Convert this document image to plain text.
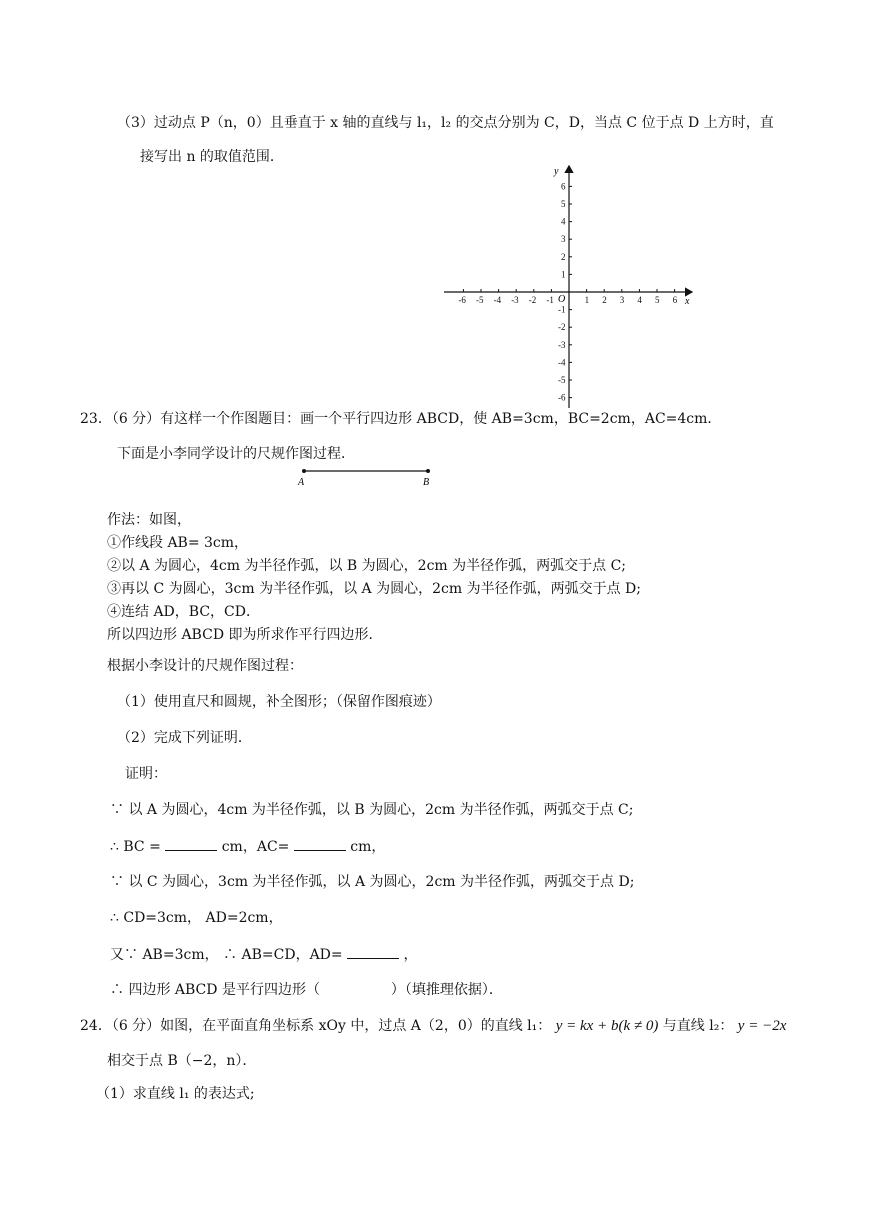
（3）过动点 P（n，0）且垂直于 x 轴的直线与 l₁，l₂ 的交点分别为 C，D，当点 C 位于点 D 上方时，直
接写出 n 的取值范围．
-6 -5 -4 -3 -2 -1	1 2 3 4 5 6
6
5
4
3
2
1
-1
-2
-3
-4
-5
-6
x
y
O
23．（6 分）有这样一个作图题目：画一个平行四边形 ABCD，使 AB=3cm，BC=2cm，AC=4cm．
下面是小李同学设计的尺规作图过程．
A	B
作法：如图，
①作线段 AB= 3cm，
②以 A 为圆心，4cm 为半径作弧，以 B 为圆心，2cm 为半径作弧，两弧交于点 C;
③再以 C 为圆心，3cm 为半径作弧，以 A 为圆心，2cm 为半径作弧，两弧交于点 D;
④连结 AD，BC，CD．
所以四边形 ABCD 即为所求作平行四边形．
根据小李设计的尺规作图过程：
（1）使用直尺和圆规，补全图形；（保留作图痕迹）
（2）完成下列证明．
证明：
∵ 以 A 为圆心，4cm 为半径作弧，以 B 为圆心，2cm 为半径作弧，两弧交于点 C;
∴ BC =	cm，AC=	cm，
∵ 以 C 为圆心，3cm 为半径作弧，以 A 为圆心，2cm 为半径作弧，两弧交于点 D;
∴ CD=3cm， AD=2cm，
又∵ AB=3cm， ∴ AB=CD，AD=	，
∴ 四边形 ABCD 是平行四边形（	）（填推理依据）．
24．（6 分）如图，在平面直角坐标系 xOy 中，过点 A（2，0）的直线 l₁： y = kx + b(k ≠ 0) 与直线 l₂： y = −2x
相交于点 B（−2，n）．
（1）求直线 l₁ 的表达式;
